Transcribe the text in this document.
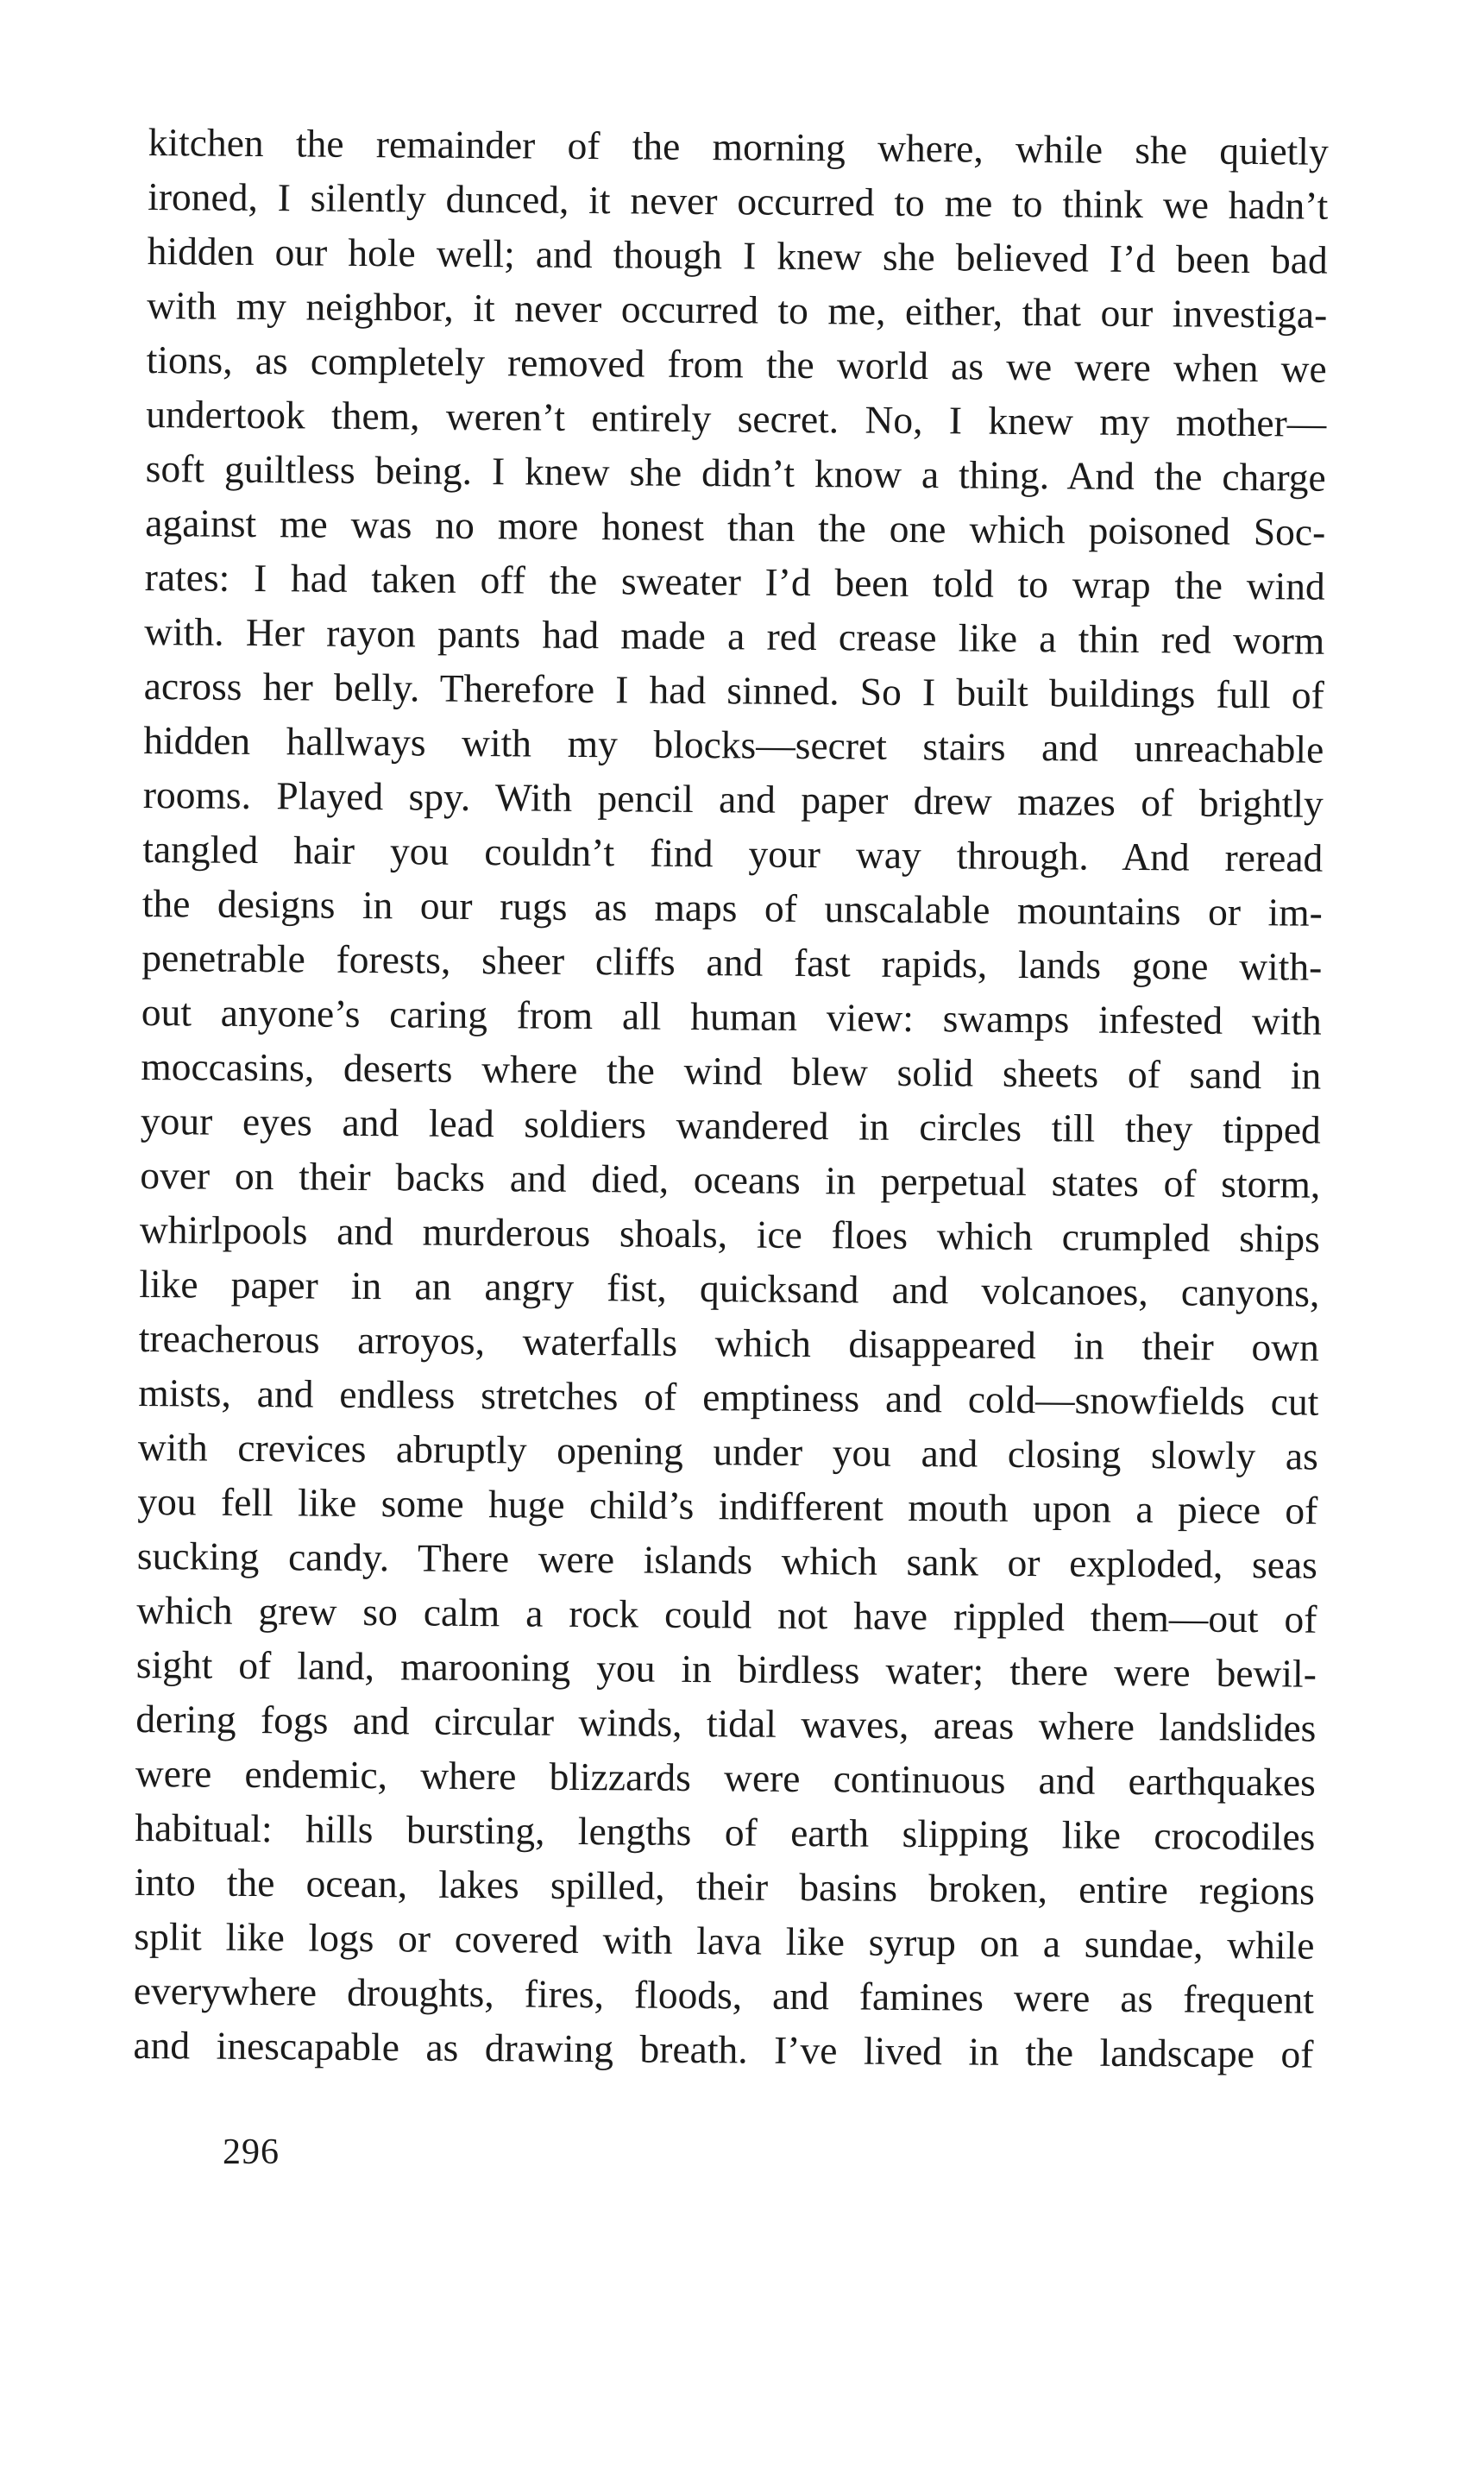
kitchen the remainder of the morning where, while she quietly
ironed, I silently dunced, it never occurred to me to think we hadn’t
hidden our hole well; and though I knew she believed I’d been bad
with my neighbor, it never occurred to me, either, that our investiga-
tions, as completely removed from the world as we were when we
undertook them, weren’t entirely secret. No, I knew my mother—
soft guiltless being. I knew she didn’t know a thing. And the charge
against me was no more honest than the one which poisoned Soc-
rates: I had taken off the sweater I’d been told to wrap the wind
with. Her rayon pants had made a red crease like a thin red worm
across her belly. Therefore I had sinned. So I built buildings full of
hidden hallways with my blocks—secret stairs and unreachable
rooms. Played spy. With pencil and paper drew mazes of brightly
tangled hair you couldn’t find your way through. And reread
the designs in our rugs as maps of unscalable mountains or im-
penetrable forests, sheer cliffs and fast rapids, lands gone with-
out anyone’s caring from all human view: swamps infested with
moccasins, deserts where the wind blew solid sheets of sand in
your eyes and lead soldiers wandered in circles till they tipped
over on their backs and died, oceans in perpetual states of storm,
whirlpools and murderous shoals, ice floes which crumpled ships
like paper in an angry fist, quicksand and volcanoes, canyons,
treacherous arroyos, waterfalls which disappeared in their own
mists, and endless stretches of emptiness and cold—snowfields cut
with crevices abruptly opening under you and closing slowly as
you fell like some huge child’s indifferent mouth upon a piece of
sucking candy. There were islands which sank or exploded, seas
which grew so calm a rock could not have rippled them—out of
sight of land, marooning you in birdless water; there were bewil-
dering fogs and circular winds, tidal waves, areas where landslides
were endemic, where blizzards were continuous and earthquakes
habitual: hills bursting, lengths of earth slipping like crocodiles
into the ocean, lakes spilled, their basins broken, entire regions
split like logs or covered with lava like syrup on a sundae, while
everywhere droughts, fires, floods, and famines were as frequent
and inescapable as drawing breath. I’ve lived in the landscape of
296
